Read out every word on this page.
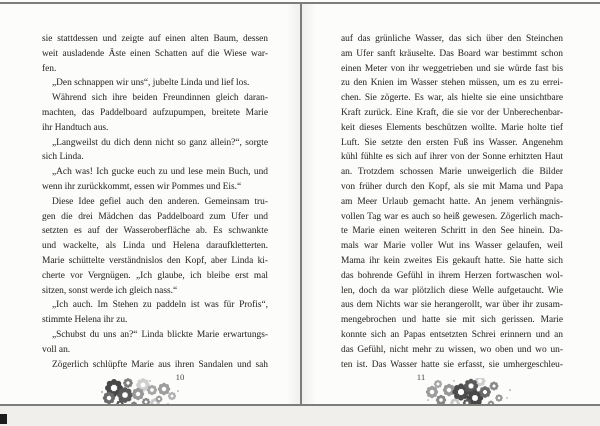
sie stattdessen und zeigte auf einen alten Baum, dessen
weit ausladende Äste einen Schatten auf die Wiese war-
fen.
„Den schnappen wir uns“, jubelte Linda und lief los.
Während sich ihre beiden Freundinnen gleich daran-
machten, das Paddelboard aufzupumpen, breitete Marie
ihr Handtuch aus.
„Langweilst du dich denn nicht so ganz allein?“, sorgte
sich Linda.
„Ach was! Ich gucke euch zu und lese mein Buch, und
wenn ihr zurückkommt, essen wir Pommes und Eis.“
Diese Idee gefiel auch den anderen. Gemeinsam tru-
gen die drei Mädchen das Paddelboard zum Ufer und
setzten es auf der Wasseroberfläche ab. Es schwankte
und wackelte, als Linda und Helena daraufkletterten.
Marie schüttelte verständnislos den Kopf, aber Linda ki-
cherte vor Vergnügen. „Ich glaube, ich bleibe erst mal
sitzen, sonst werde ich gleich nass.“
„Ich auch. Im Stehen zu paddeln ist was für Profis“,
stimmte Helena ihr zu.
„Schubst du uns an?“ Linda blickte Marie erwartungs-
voll an.
Zögerlich schlüpfte Marie aus ihren Sandalen und sah
auf das grünliche Wasser, das sich über den Steinchen
am Ufer sanft kräuselte. Das Board war bestimmt schon
einen Meter von ihr weggetrieben und sie würde fast bis
zu den Knien im Wasser stehen müssen, um es zu errei-
chen. Sie zögerte. Es war, als hielte sie eine unsichtbare
Kraft zurück. Eine Kraft, die sie vor der Unberechenbar-
keit dieses Elements beschützen wollte. Marie holte tief
Luft. Sie setzte den ersten Fuß ins Wasser. Angenehm
kühl fühlte es sich auf ihrer von der Sonne erhitzten Haut
an. Trotzdem schossen Marie unweigerlich die Bilder
von früher durch den Kopf, als sie mit Mama und Papa
am Meer Urlaub gemacht hatte. An jenem verhängnis-
vollen Tag war es auch so heiß gewesen. Zögerlich mach-
te Marie einen weiteren Schritt in den See hinein. Da-
mals war Marie voller Wut ins Wasser gelaufen, weil
Mama ihr kein zweites Eis gekauft hatte. Sie hatte sich
das bohrende Gefühl in ihrem Herzen fortwaschen wol-
len, doch da war plötzlich diese Welle aufgetaucht. Wie
aus dem Nichts war sie herangerollt, war über ihr zusam-
mengebrochen und hatte sie mit sich gerissen. Marie
konnte sich an Papas entsetzten Schrei erinnern und an
das Gefühl, nicht mehr zu wissen, wo oben und wo un-
ten ist. Das Wasser hatte sie erfasst, sie umhergeschleu-
10	11
